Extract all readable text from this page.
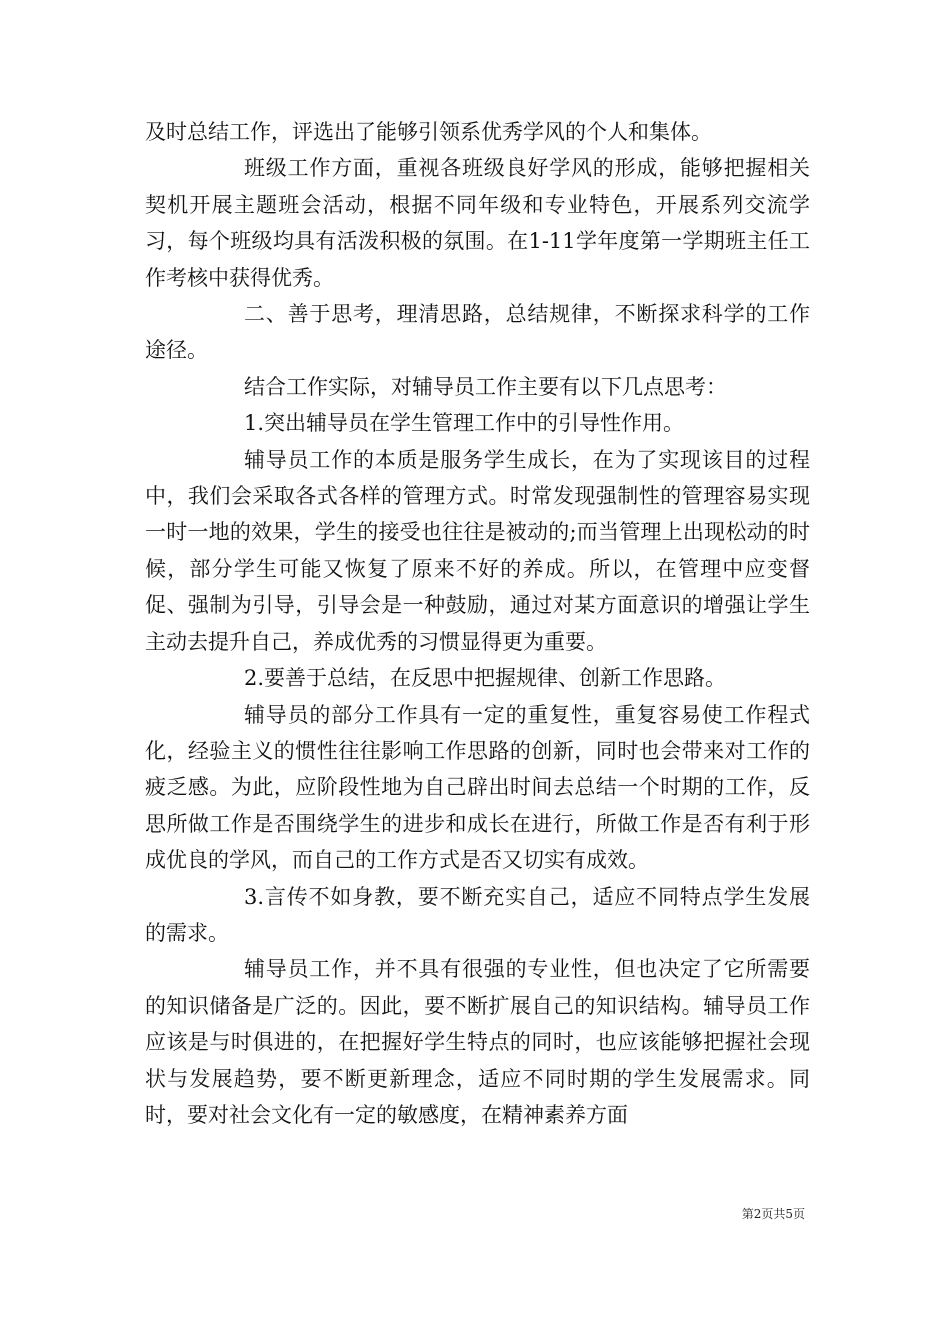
及时总结工作，评选出了能够引领系优秀学风的个人和集体。

班级工作方面，重视各班级良好学风的形成，能够把握相关契机开展主题班会活动，根据不同年级和专业特色，开展系列交流学习，每个班级均具有活泼积极的氛围。在1-11学年度第一学期班主任工作考核中获得优秀。

二、善于思考，理清思路，总结规律，不断探求科学的工作途径。

结合工作实际，对辅导员工作主要有以下几点思考：

1.突出辅导员在学生管理工作中的引导性作用。

辅导员工作的本质是服务学生成长，在为了实现该目的过程中，我们会采取各式各样的管理方式。时常发现强制性的管理容易实现一时一地的效果，学生的接受也往往是被动的;而当管理上出现松动的时候，部分学生可能又恢复了原来不好的养成。所以，在管理中应变督促、强制为引导，引导会是一种鼓励，通过对某方面意识的增强让学生主动去提升自己，养成优秀的习惯显得更为重要。

2.要善于总结，在反思中把握规律、创新工作思路。

辅导员的部分工作具有一定的重复性，重复容易使工作程式化，经验主义的惯性往往影响工作思路的创新，同时也会带来对工作的疲乏感。为此，应阶段性地为自己辟出时间去总结一个时期的工作，反思所做工作是否围绕学生的进步和成长在进行，所做工作是否有利于形成优良的学风，而自己的工作方式是否又切实有成效。

3.言传不如身教，要不断充实自己，适应不同特点学生发展的需求。

辅导员工作，并不具有很强的专业性，但也决定了它所需要的知识储备是广泛的。因此，要不断扩展自己的知识结构。辅导员工作应该是与时俱进的，在把握好学生特点的同时，也应该能够把握社会现状与发展趋势，要不断更新理念，适应不同时期的学生发展需求。同时，要对社会文化有一定的敏感度，在精神素养方面

第2页共5页
